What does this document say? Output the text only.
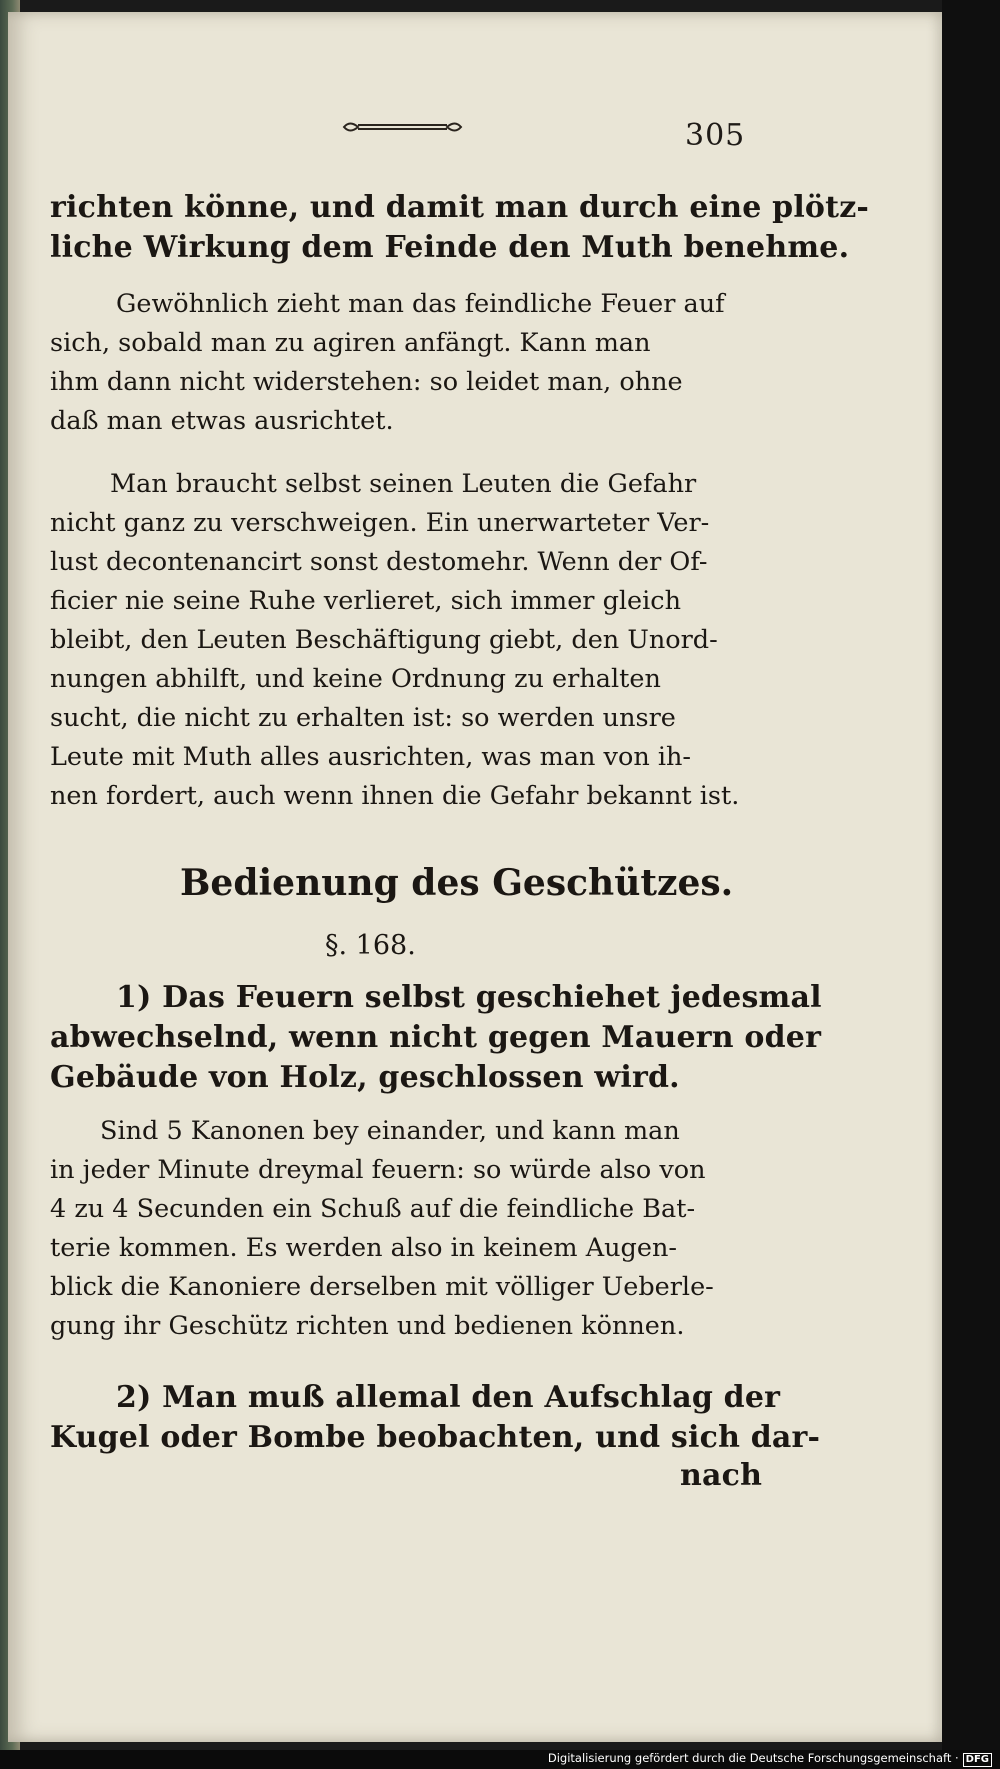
305
richten könne, und damit man durch eine plötz-
liche Wirkung dem Feinde den Muth benehme.
Gewöhnlich zieht man das feindliche Feuer auf
sich, sobald man zu agiren anfängt. Kann man
ihm dann nicht widerstehen: so leidet man, ohne
daß man etwas ausrichtet.
Man braucht selbst seinen Leuten die Gefahr
nicht ganz zu verschweigen. Ein unerwarteter Ver-
lust decontenancirt sonst destomehr. Wenn der Of-
ficier nie seine Ruhe verlieret, sich immer gleich
bleibt, den Leuten Beschäftigung giebt, den Unord-
nungen abhilft, und keine Ordnung zu erhalten
sucht, die nicht zu erhalten ist: so werden unsre
Leute mit Muth alles ausrichten, was man von ih-
nen fordert, auch wenn ihnen die Gefahr bekannt ist.
Bedienung des Geschützes.
§. 168.
1) Das Feuern selbst geschiehet jedesmal
abwechselnd, wenn nicht gegen Mauern oder
Gebäude von Holz, geschlossen wird.
Sind 5 Kanonen bey einander, und kann man
in jeder Minute dreymal feuern: so würde also von
4 zu 4 Secunden ein Schuß auf die feindliche Bat-
terie kommen. Es werden also in keinem Augen-
blick die Kanoniere derselben mit völliger Ueberle-
gung ihr Geschütz richten und bedienen können.
2) Man muß allemal den Aufschlag der
Kugel oder Bombe beobachten, und sich dar-
nach
Digitalisierung gefördert durch die Deutsche Forschungsgemeinschaft · DFG
